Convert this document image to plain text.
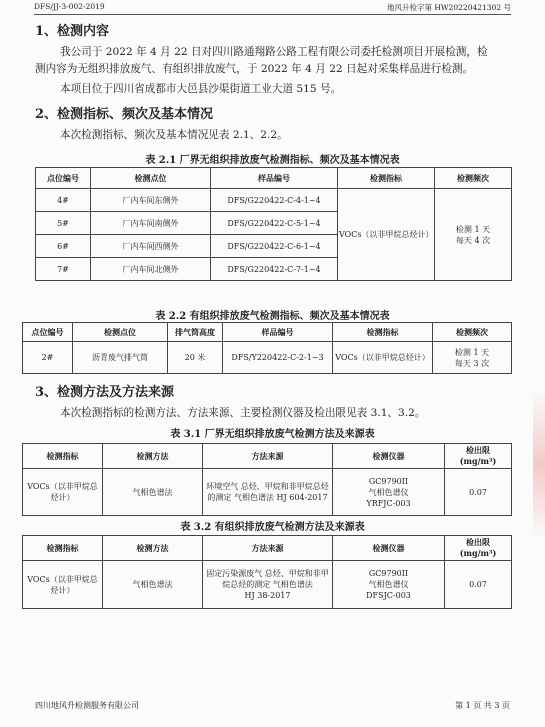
DFS/JJ-3-002-2019	地风升检字第 HW20220421302 号
1、检测内容
我公司于 2022 年 4 月 22 日对四川路通翔路公路工程有限公司委托检测项目开展检测，检
测内容为无组织排放废气、有组织排放废气，于 2022 年 4 月 22 日起对采集样品进行检测。
本项目位于四川省成都市大邑县沙渠街道工业大道 515 号。
2、检测指标、频次及基本情况
本次检测指标、频次及基本情况见表 2.1、2.2。
表 2.1 厂界无组织排放废气检测指标、频次及基本情况表
点位编号	检测点位	样品编号	检测指标	检测频次
4#	厂内车间东侧外	DFS/G220422-C-4-1~4	VOCs（以非甲烷总烃计）	检测 1 天
每天 4 次
5#	厂内车间南侧外	DFS/G220422-C-5-1~4		
6#	厂内车间西侧外	DFS/G220422-C-6-1~4		
7#	厂内车间北侧外	DFS/G220422-C-7-1~4		
表 2.2 有组织排放废气检测指标、频次及基本情况表
点位编号	检测点位	排气筒高度	样品编号	检测指标	检测频次
2#	沥青废气排气筒	20 米	DFS/Y220422-C-2-1~3	VOCs（以非甲烷总烃计）	检测 1 天
每天 3 次
3、检测方法及方法来源
本次检测指标的检测方法、方法来源、主要检测仪器及检出限见表 3.1、3.2。
表 3.1 厂界无组织排放废气检测方法及来源表
检测指标	检测方法	方法来源	检测仪器	检出限
(mg/m³)
VOCs（以非甲烷总烃计）	气相色谱法	环境空气 总烃、甲烷和非甲烷总烃的测定 气相色谱法 HJ 604-2017	GC9790II
气相色谱仪
YRFJC-003	0.07
表 3.2 有组织排放废气检测方法及来源表
检测指标	检测方法	方法来源	检测仪器	检出限
(mg/m³)
VOCs（以非甲烷总烃计）	气相色谱法	固定污染源废气 总烃、甲烷和非甲烷总烃的测定 气相色谱法
HJ 38-2017	GC9790II
气相色谱仪
DFSJC-003	0.07
四川地风升检测服务有限公司	第 1 页 共 3 页
